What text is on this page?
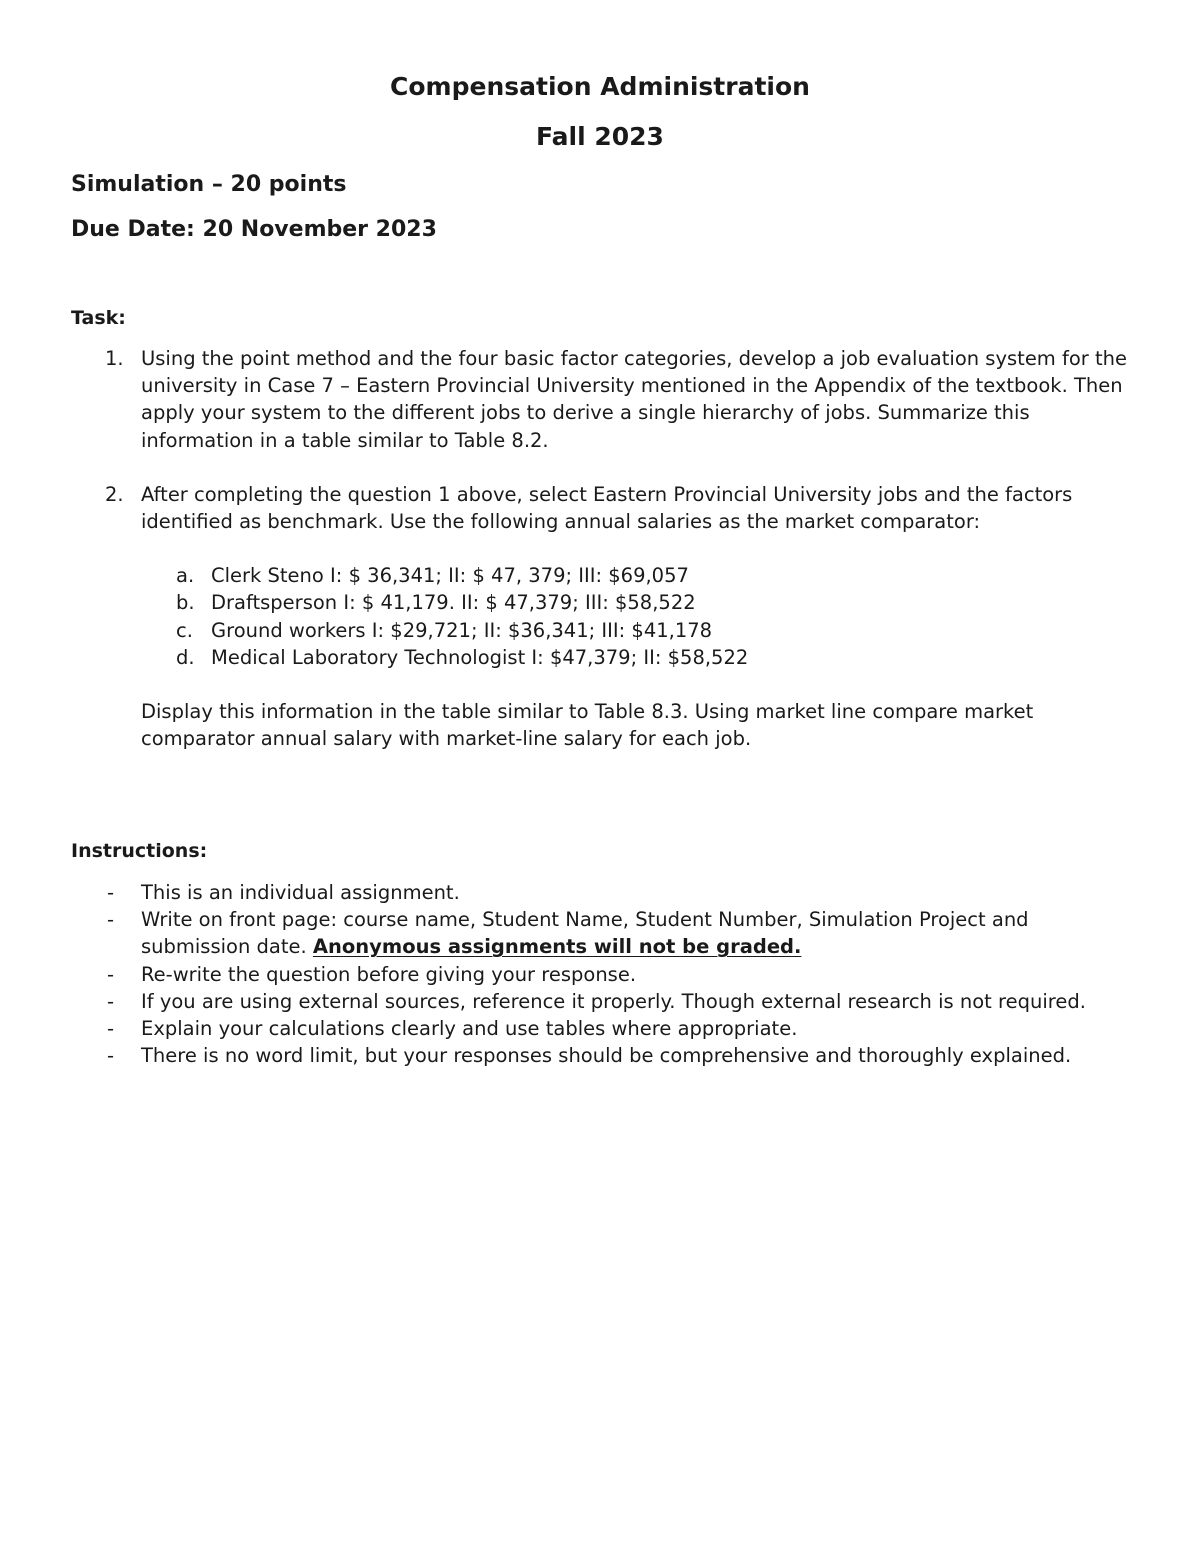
Compensation Administration
Fall 2023

Simulation – 20 points

Due Date: 20 November 2023

Task:

1. Using the point method and the four basic factor categories, develop a job evaluation system for the university in Case 7 – Eastern Provincial University mentioned in the Appendix of the textbook. Then apply your system to the different jobs to derive a single hierarchy of jobs. Summarize this information in a table similar to Table 8.2.

2. After completing the question 1 above, select Eastern Provincial University jobs and the factors identified as benchmark. Use the following annual salaries as the market comparator:

a. Clerk Steno I: $ 36,341; II: $ 47, 379; III: $69,057
b. Draftsperson I: $ 41,179. II: $ 47,379; III: $58,522
c. Ground workers I: $29,721; II: $36,341; III: $41,178
d. Medical Laboratory Technologist I: $47,379; II: $58,522

Display this information in the table similar to Table 8.3. Using market line compare market comparator annual salary with market-line salary for each job.

Instructions:

- This is an individual assignment.
- Write on front page: course name, Student Name, Student Number, Simulation Project and submission date. Anonymous assignments will not be graded.
- Re-write the question before giving your response.
- If you are using external sources, reference it properly. Though external research is not required.
- Explain your calculations clearly and use tables where appropriate.
- There is no word limit, but your responses should be comprehensive and thoroughly explained.
